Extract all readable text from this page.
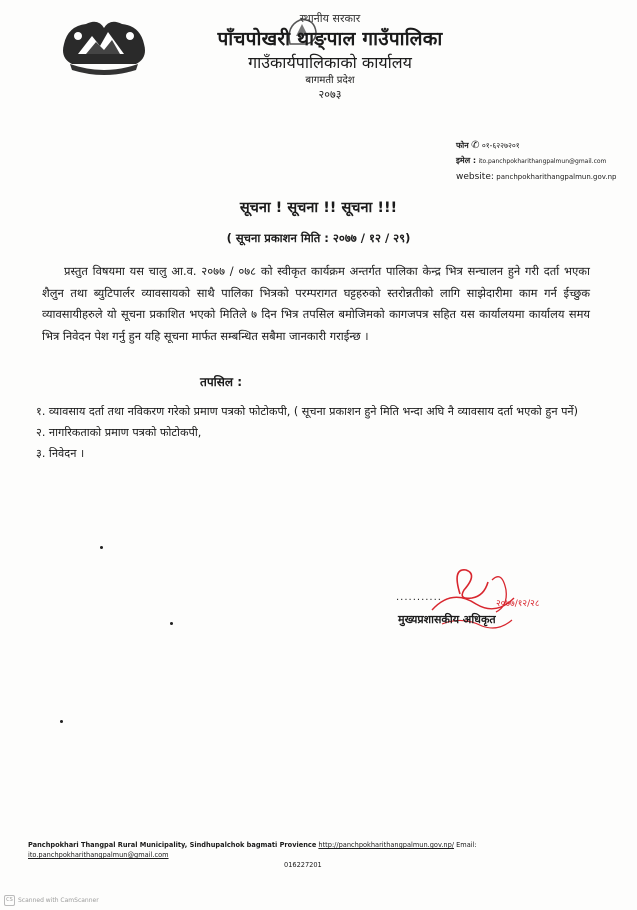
स्थानीय सरकार
पाँचपोखरी थाङ्पाल गाउँपालिका
गाउँकार्यपालिकाको कार्यालय
बागमती प्रदेश
२०७३
फोन ✆ ०१-६२२७२०१
इमेल : ito.panchpokharithangpalmun@gmail.com
website: panchpokharithangpalmun.gov.np
सूचना ! सूचना !! सूचना !!!
( सूचना प्रकाशन मिति : २०७७ / १२ / २९)
प्रस्तुत विषयमा यस चालु आ.व. २०७७ / ०७८ को स्वीकृत कार्यक्रम अन्तर्गत पालिका केन्द्र भित्र सन्चालन हुने गरी दर्ता भएका शैलुन तथा ब्युटिपार्लर व्यावसायको साथै पालिका भित्रको परम्परागत घट्टहरुको स्तरोन्नतीको लागि साझेदारीमा काम गर्न ईच्छुक व्यावसायीहरुले यो सूचना प्रकाशित भएको मितिले ७ दिन भित्र तपसिल बमोजिमको कागजपत्र सहित यस कार्यालयमा कार्यालय समय भित्र निवेदन पेश गर्नु हुन यहि सूचना मार्फत सम्बन्धित सबैमा जानकारी गराईन्छ ।
तपसिल :

१. व्यावसाय दर्ता तथा नविकरण गरेको प्रमाण पत्रको फोटोकपी, ( सूचना प्रकाशन हुने मिति भन्दा अघि नै व्यावसाय दर्ता भएको हुन पर्ने)

२. नागरिकताको प्रमाण पत्रको फोटोकपी,

३. निवेदन ।

२०७७/१२/२८
...........
मुख्यप्रशासकीय अधिकृत
Panchpokhari Thangpal Rural Municipality, Sindhupalchok bagmati Provience http://panchpokharithangpalmun.gov.np/ Email: ito.panchpokharithangpalmun@gmail.com
016227201
CS Scanned with CamScanner
